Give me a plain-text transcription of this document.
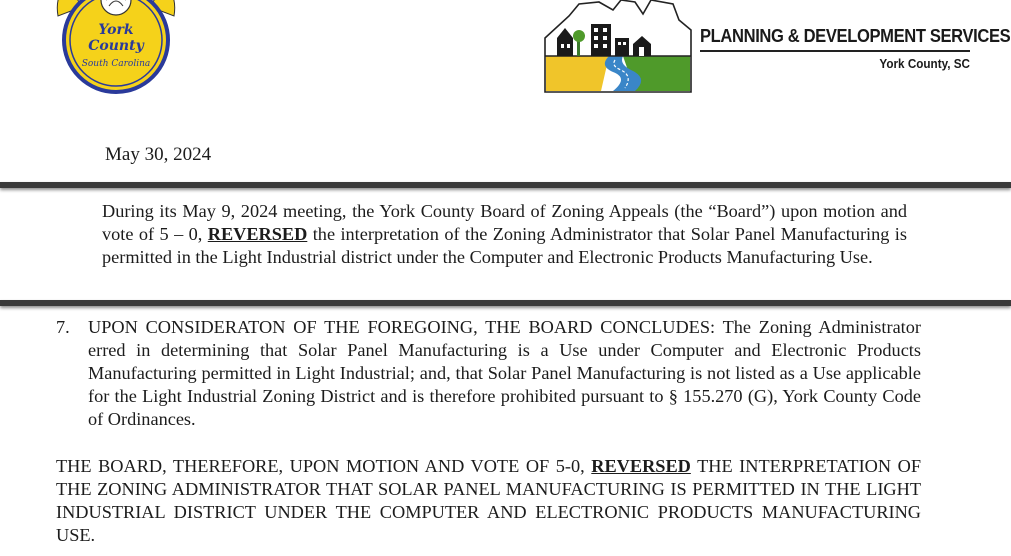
York
County
South Carolina
PLANNING & DEVELOPMENT SERVICES
York County, SC
May 30, 2024
During its May 9, 2024 meeting, the York County Board of Zoning Appeals (the “Board”) upon motion and vote of 5 – 0, REVERSED the interpretation of the Zoning Administrator that Solar Panel Manufacturing is permitted in the Light Industrial district under the Computer and Electronic Products Manufacturing Use.
7. UPON CONSIDERATON OF THE FOREGOING, THE BOARD CONCLUDES: The Zoning Administrator erred in determining that Solar Panel Manufacturing is a Use under Computer and Electronic Products Manufacturing permitted in Light Industrial; and, that Solar Panel Manufacturing is not listed as a Use applicable for the Light Industrial Zoning District and is therefore prohibited pursuant to § 155.270 (G), York County Code of Ordinances.
THE BOARD, THEREFORE, UPON MOTION AND VOTE OF 5-0, REVERSED THE INTERPRETATION OF THE ZONING ADMINISTRATOR THAT SOLAR PANEL MANUFACTURING IS PERMITTED IN THE LIGHT INDUSTRIAL DISTRICT UNDER THE COMPUTER AND ELECTRONIC PRODUCTS MANUFACTURING USE.
